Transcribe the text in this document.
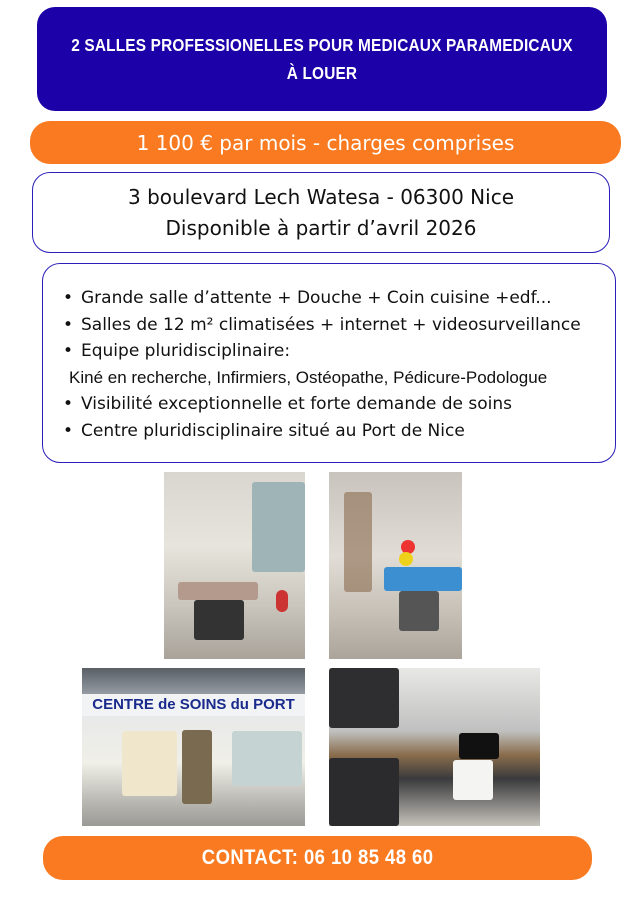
2 SALLES PROFESSIONELLES POUR MEDICAUX PARAMEDICAUX
À LOUER
1 100 € par mois - charges comprises
3 boulevard Lech Watesa - 06300 Nice
Disponible à partir d’avril 2026
• Grande salle d’attente + Douche + Coin cuisine +edf...
• Salles de 12 m² climatisées + internet + videosurveillance
• Equipe pluridisciplinaire:
Kiné en recherche, Infirmiers, Ostéopathe, Pédicure-Podologue
• Visibilité exceptionnelle et forte demande de soins
• Centre pluridisciplinaire situé au Port de Nice
CENTRE de SOINS du PORT
CONTACT: 06 10 85 48 60
